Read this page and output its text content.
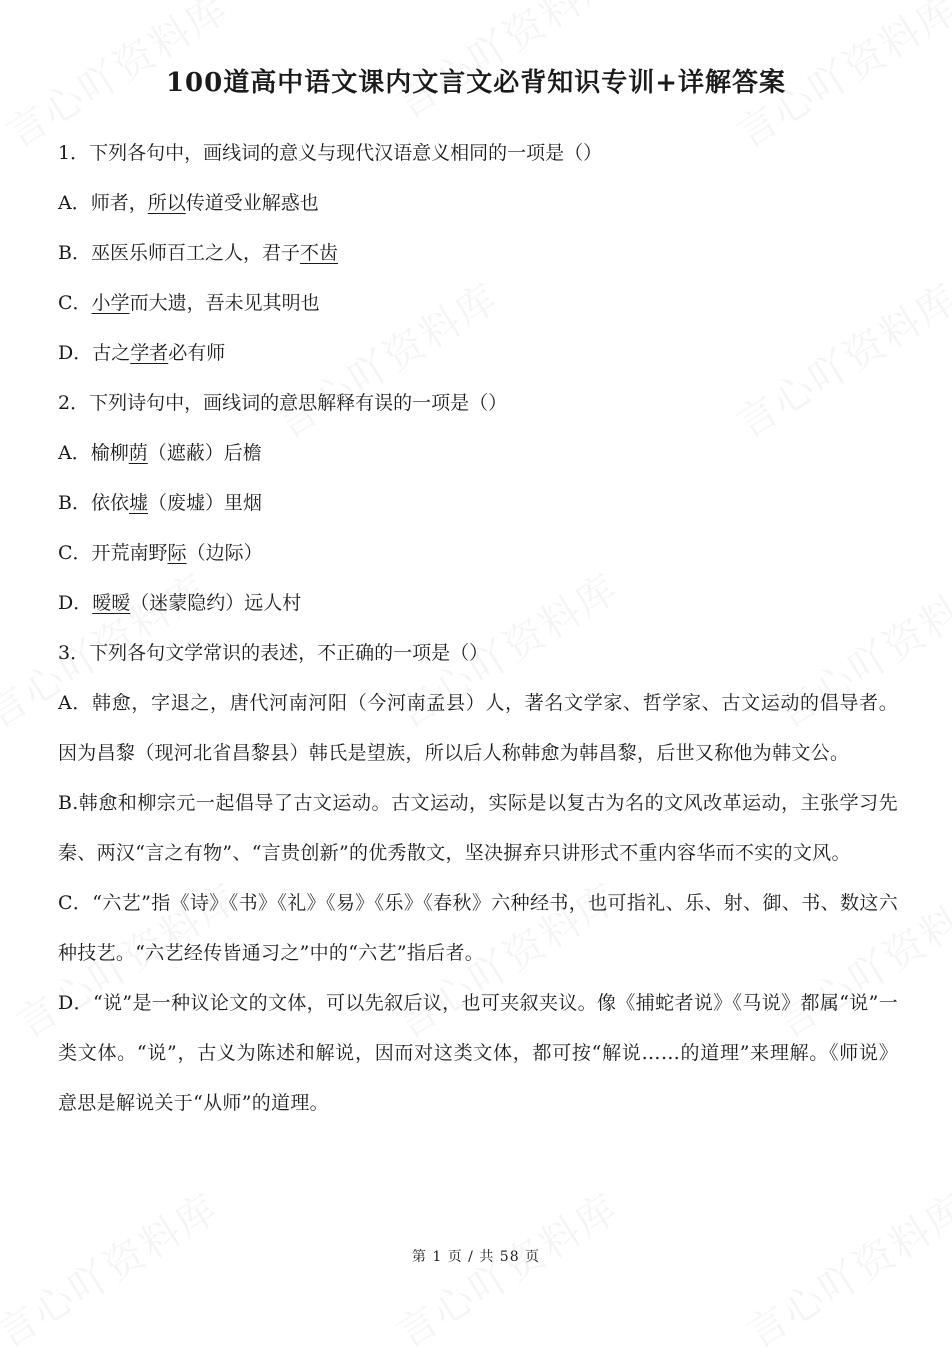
100道高中语文课内文言文必背知识专训+详解答案

1．下列各句中，画线词的意义与现代汉语意义相同的一项是（）

A．师者，所以传道受业解惑也

B．巫医乐师百工之人，君子不齿

C．小学而大遗，吾未见其明也

D．古之学者必有师

2．下列诗句中，画线词的意思解释有误的一项是（）

A．榆柳荫（遮蔽）后檐

B．依依墟（废墟）里烟

C．开荒南野际（边际）

D．暧暧（迷蒙隐约）远人村

3．下列各句文学常识的表述，不正确的一项是（）

A．韩愈，字退之，唐代河南河阳（今河南孟县）人，著名文学家、哲学家、古文运动的倡导者。因为昌黎（现河北省昌黎县）韩氏是望族，所以后人称韩愈为韩昌黎，后世又称他为韩文公。

B.韩愈和柳宗元一起倡导了古文运动。古文运动，实际是以复古为名的文风改革运动，主张学习先秦、两汉“言之有物”、“言贵创新”的优秀散文，坚决摒弃只讲形式不重内容华而不实的文风。

C．“六艺”指《诗》《书》《礼》《易》《乐》《春秋》六种经书，也可指礼、乐、射、御、书、数这六种技艺。“六艺经传皆通习之”中的“六艺”指后者。

D．“说”是一种议论文的文体，可以先叙后议，也可夹叙夹议。像《捕蛇者说》《马说》都属“说”一类文体。“说”，古义为陈述和解说，因而对这类文体，都可按“解说……的道理”来理解。《师说》意思是解说关于“从师”的道理。

第 1 页 / 共 58 页
